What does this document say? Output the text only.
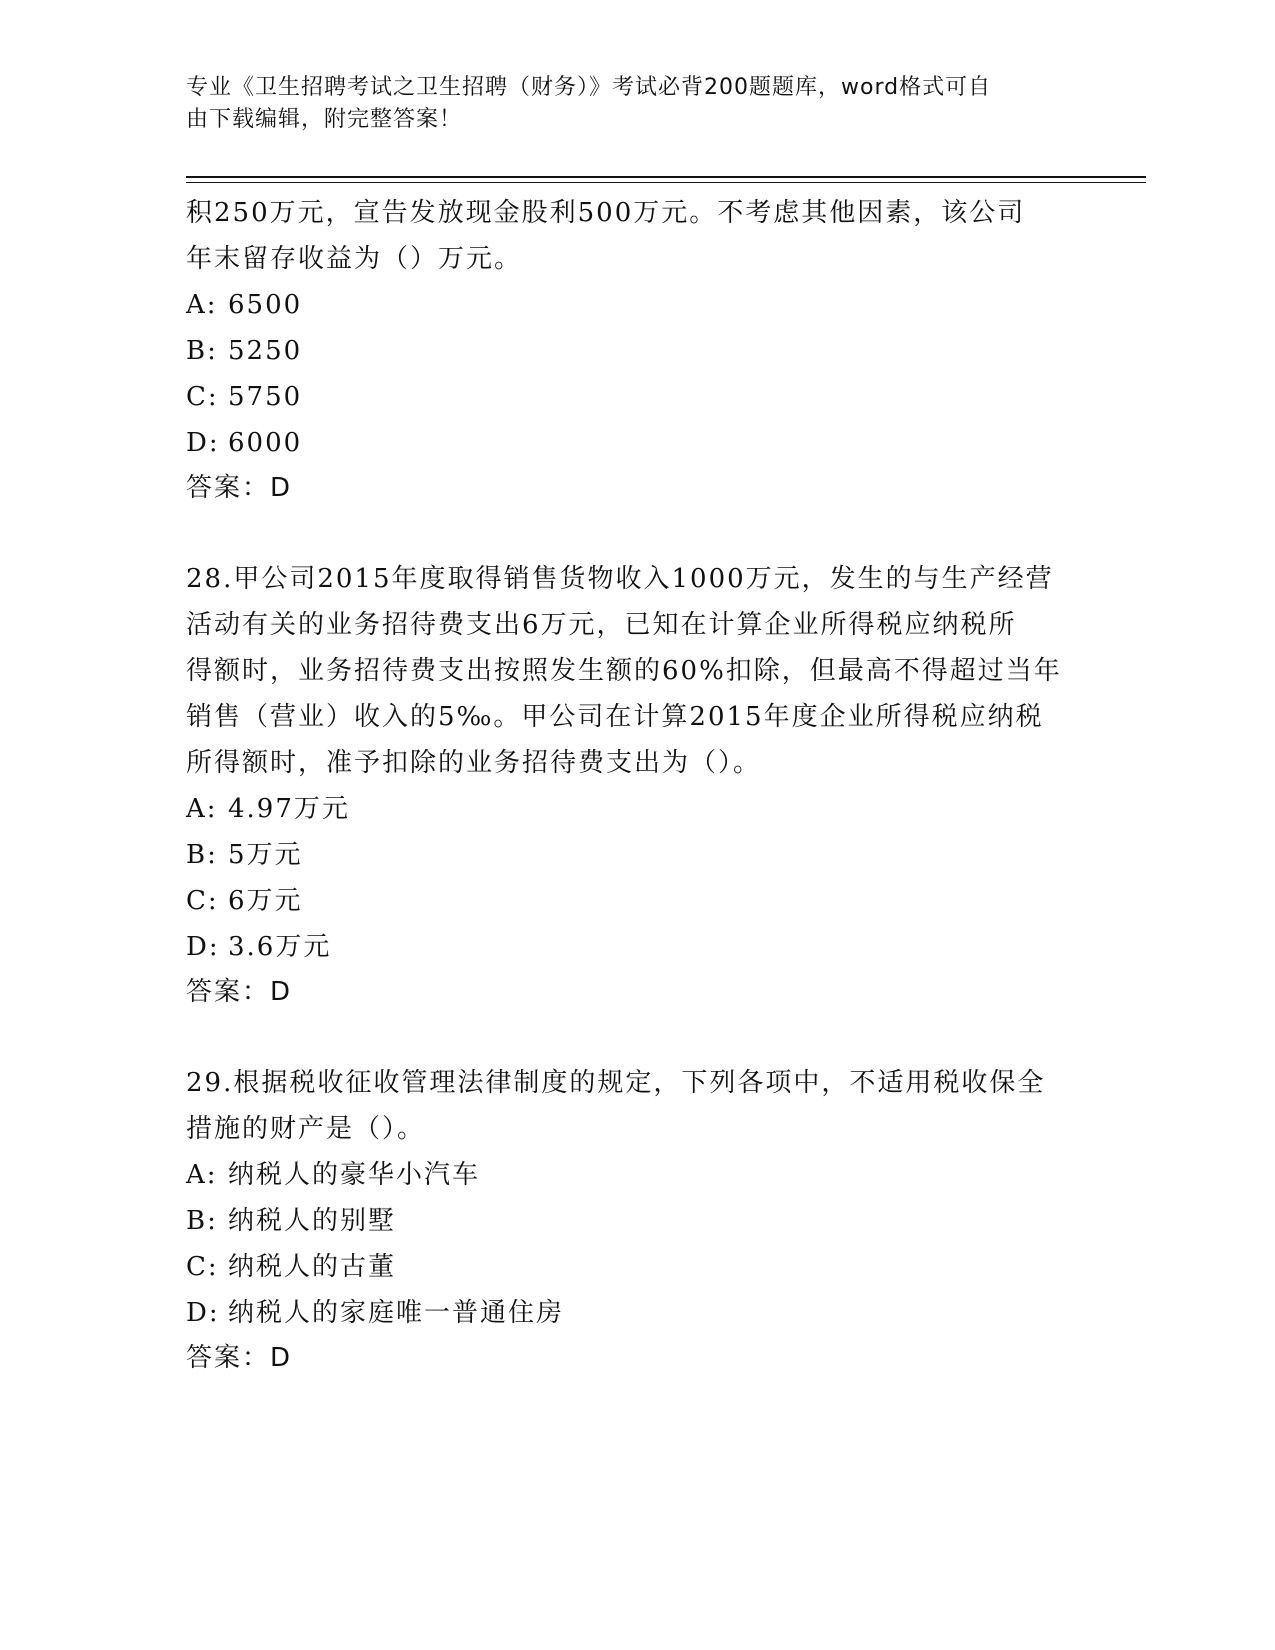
专业《卫生招聘考试之卫生招聘（财务）》考试必背200题题库，word格式可自
由下载编辑，附完整答案！
积250万元，宣告发放现金股利500万元。不考虑其他因素，该公司
年末留存收益为（）万元。
A: 6500
B: 5250
C: 5750
D: 6000
答案：D
28.甲公司2015年度取得销售货物收入1000万元，发生的与生产经营
活动有关的业务招待费支出6万元，已知在计算企业所得税应纳税所
得额时，业务招待费支出按照发生额的60%扣除，但最高不得超过当年
销售（营业）收入的5‰。甲公司在计算2015年度企业所得税应纳税
所得额时，准予扣除的业务招待费支出为（）。
A: 4.97万元
B: 5万元
C: 6万元
D: 3.6万元
答案：D
29.根据税收征收管理法律制度的规定，下列各项中，不适用税收保全
措施的财产是（）。
A: 纳税人的豪华小汽车
B: 纳税人的别墅
C: 纳税人的古董
D: 纳税人的家庭唯一普通住房
答案：D
